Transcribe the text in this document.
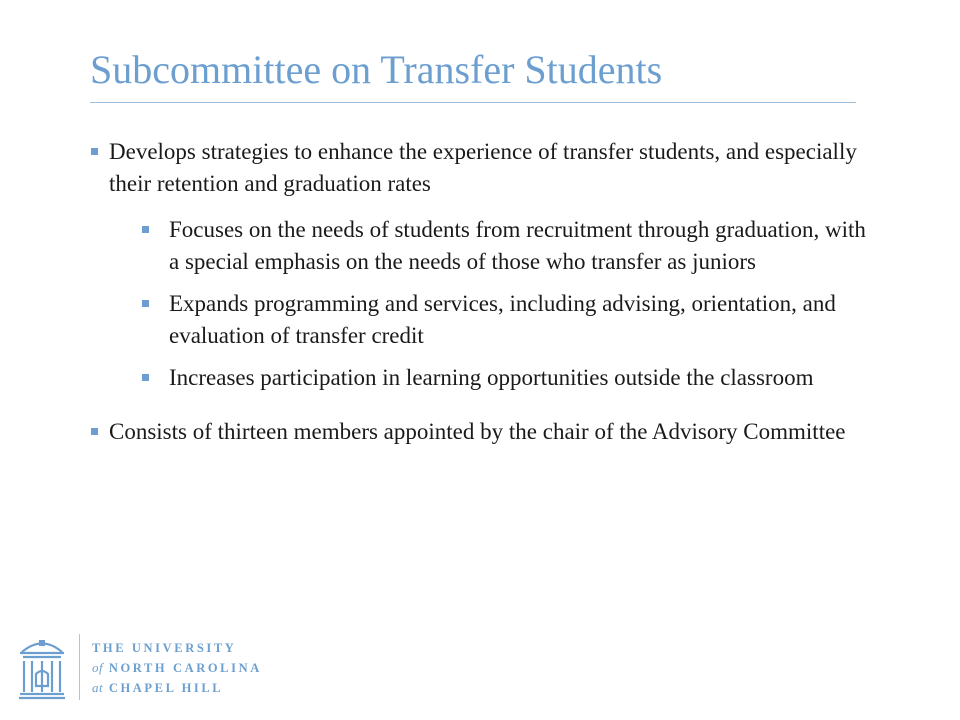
Subcommittee on Transfer Students
Develops strategies to enhance the experience of transfer students, and especially their retention and graduation rates
Focuses on the needs of students from recruitment through graduation, with a special emphasis on the needs of those who transfer as juniors
Expands programming and services, including advising, orientation, and evaluation of transfer credit
Increases participation in learning opportunities outside the classroom
Consists of thirteen members appointed by the chair of the Advisory Committee
THE UNIVERSITY
of NORTH CAROLINA
at CHAPEL HILL
